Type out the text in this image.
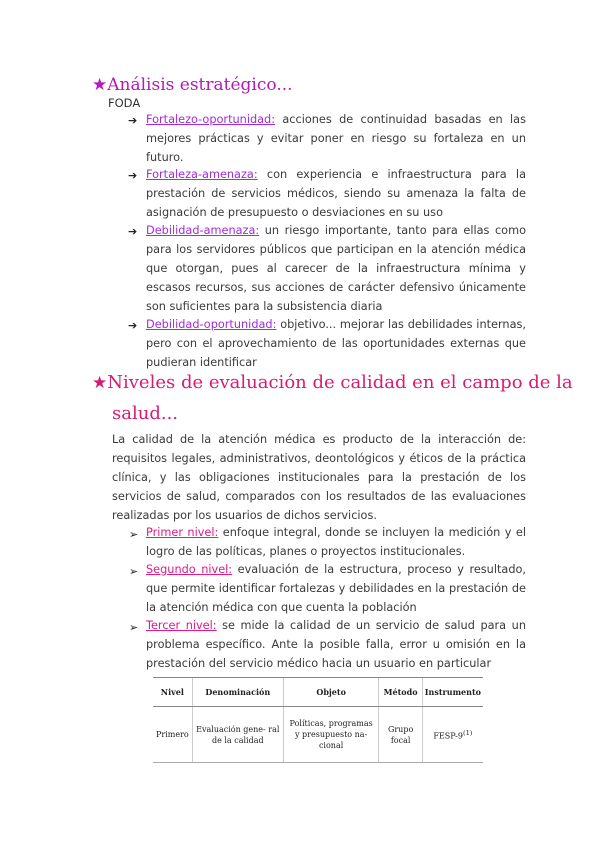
★Análisis estratégico...
FODA
➔ Fortalezo-oportunidad: acciones de continuidad basadas en las mejores prácticas y evitar poner en riesgo su fortaleza en un futuro.
➔ Fortaleza-amenaza: con experiencia e infraestructura para la prestación de servicios médicos, siendo su amenaza la falta de asignación de presupuesto o desviaciones en su uso
➔ Debilidad-amenaza: un riesgo importante, tanto para ellas como para los servidores públicos que participan en la atención médica que otorgan, pues al carecer de la infraestructura mínima y escasos recursos, sus acciones de carácter defensivo únicamente son suficientes para la subsistencia diaria
➔ Debilidad-oportunidad: objetivo... mejorar las debilidades internas, pero con el aprovechamiento de las oportunidades externas que pudieran identificar
★Niveles de evaluación de calidad en el campo de la
salud...
La calidad de la atención médica es producto de la interacción de: requisitos legales, administrativos, deontológicos y éticos de la práctica clínica, y las obligaciones institucionales para la prestación de los servicios de salud, comparados con los resultados de las evaluaciones realizadas por los usuarios de dichos servicios.
➢ Primer nivel: enfoque integral, donde se incluyen la medición y el logro de las políticas, planes o proyectos institucionales.
➢ Segundo nivel: evaluación de la estructura, proceso y resultado, que permite identificar fortalezas y debilidades en la prestación de la atención médica con que cuenta la población
➢ Tercer nivel: se mide la calidad de un servicio de salud para un problema específico. Ante la posible falla, error u omisión en la prestación del servicio médico hacia un usuario en particular
Nivel	Denominación	Objeto	Método	Instrumento
Primero	Evaluación gene- ral de la calidad	Políticas, programas y presupuesto na- cional	Grupo focal	FESP-9$^{(1)}$
